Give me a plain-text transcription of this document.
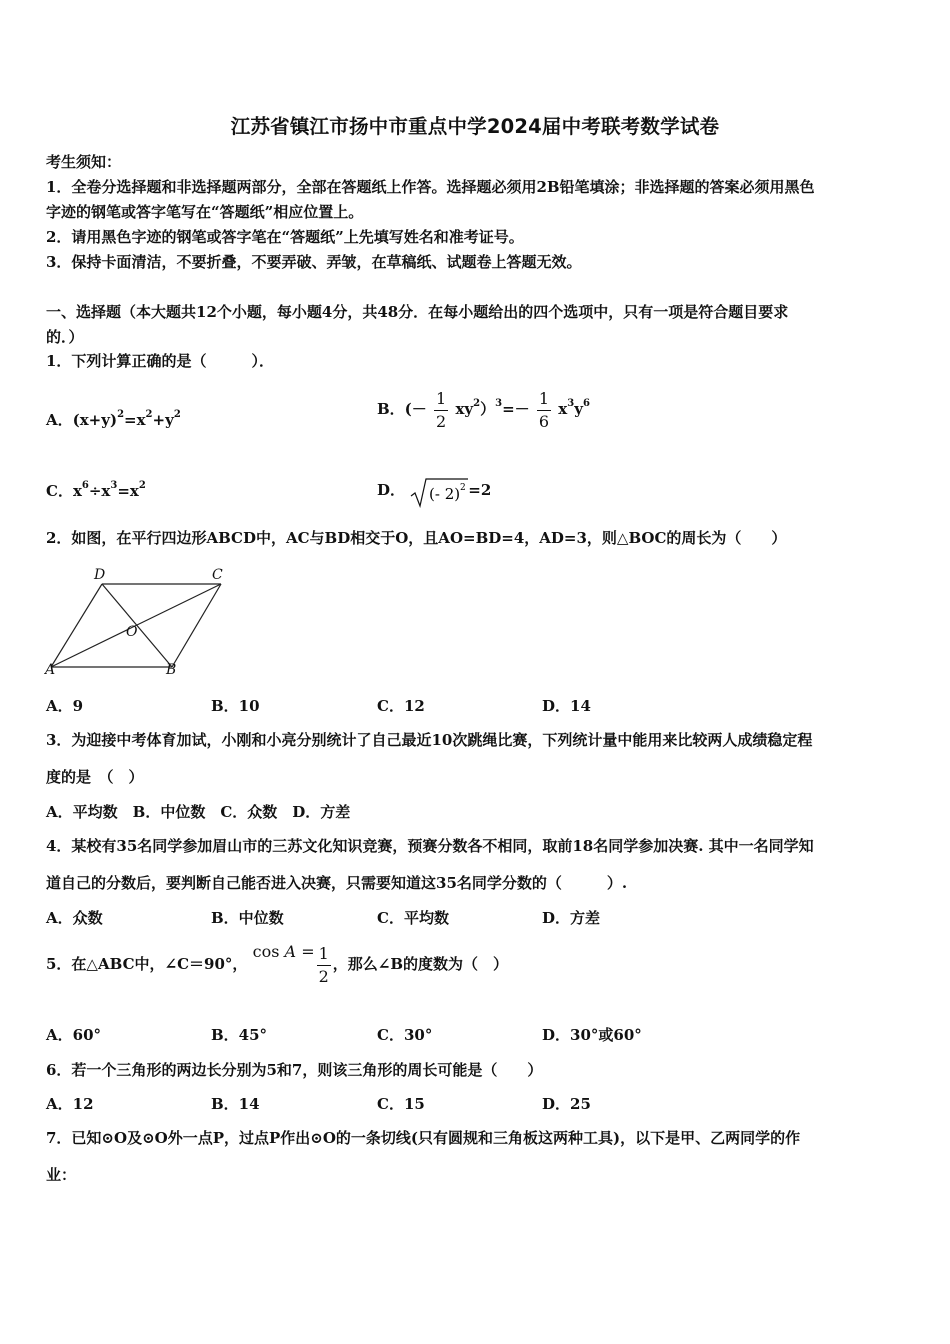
江苏省镇江市扬中市重点中学2024届中考联考数学试卷
考生须知：
1．全卷分选择题和非选择题两部分，全部在答题纸上作答。选择题必须用2B铅笔填涂；非选择题的答案必须用黑色
字迹的钢笔或答字笔写在“答题纸”相应位置上。
2．请用黑色字迹的钢笔或答字笔在“答题纸”上先填写姓名和准考证号。
3．保持卡面清洁，不要折叠，不要弄破、弄皱，在草稿纸、试题卷上答题无效。
一、选择题（本大题共12个小题，每小题4分，共48分．在每小题给出的四个选项中，只有一项是符合题目要求
的．）
1．下列计算正确的是（　　　）．
A．$(x+y)^2=x^2+y^2$	B．(－ $\frac{1}{2} xy^2)^3=- \frac{1}{6} x^3y^6$
C．$x^6\div x^3=x^2$	D． (- 2) 2 =2
2．如图，在平行四边形ABCD中，AC与BD相交于O，且AO=BD=4，AD=3，则△BOC的周长为（　　）
A	B
C
D
O
A．9	B．10	C．12	D．14
3．为迎接中考体育加试，小刚和小亮分别统计了自己最近10次跳绳比赛，下列统计量中能用来比较两人成绩稳定程
度的是　（　）
A．平均数　B．中位数　C．众数　D．方差
4．某校有35名同学参加眉山市的三苏文化知识竞赛，预赛分数各不相同，取前18名同学参加决赛. 其中一名同学知
道自己的分数后，要判断自己能否进入决赛，只需要知道这35名同学分数的（　　　）.
A．众数	B．中位数	C．平均数	D．方差
5．在△ABC中，∠C＝90°， $\cos A = \frac{1}{2}$ ，那么∠B的度数为（　）
A．60°	B．45°	C．30°	D．30°或60°
6．若一个三角形的两边长分别为5和7，则该三角形的周长可能是（　　）
A．12	B．14	C．15	D．25
7．已知⊙O及⊙O外一点P，过点P作出⊙O的一条切线(只有圆规和三角板这两种工具)，以下是甲、乙两同学的作
业：
